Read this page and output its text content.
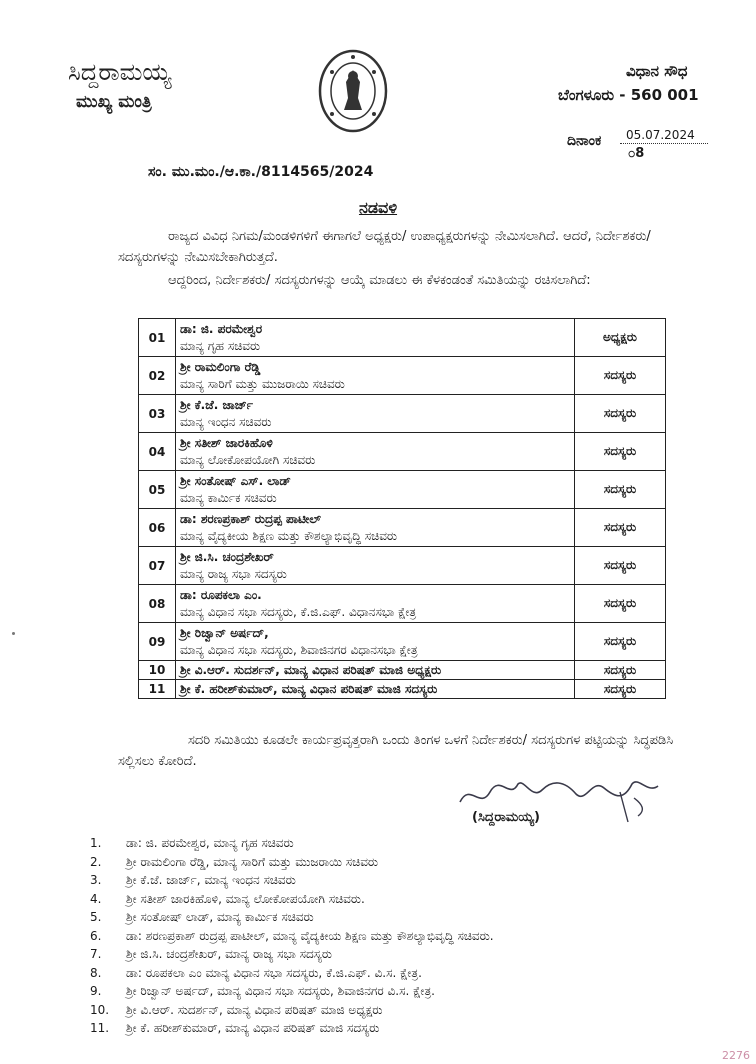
ಸಿದ್ದರಾಮಯ್ಯ
ಮುಖ್ಯ ಮಂತ್ರಿ
ವಿಧಾನ ಸೌಧ
ಬೆಂಗಳೂರು - 560 001
ದಿನಾಂಕ 05.07.2024
೦8
ಸಂ. ಮು.ಮಂ./ಆ.ಕಾ./8114565/2024
ನಡವಳಿ
ರಾಜ್ಯದ ವಿವಿಧ ನಿಗಮ/ಮಂಡಳಿಗಳಿಗೆ ಈಗಾಗಲೆ ಅಧ್ಯಕ್ಷರು/ ಉಪಾಧ್ಯಕ್ಷರುಗಳನ್ನು ನೇಮಿಸಲಾಗಿದೆ. ಆದರೆ, ನಿರ್ದೇಶಕರು/ ಸದಸ್ಯರುಗಳನ್ನು ನೇಮಿಸಬೇಕಾಗಿರುತ್ತದೆ.
ಆದ್ದರಿಂದ, ನಿರ್ದೇಶಕರು/ ಸದಸ್ಯರುಗಳನ್ನು ಆಯ್ಕೆ ಮಾಡಲು ಈ ಕೆಳಕಂಡಂತೆ ಸಮಿತಿಯನ್ನು ರಚಿಸಲಾಗಿದೆ:
01	ಡಾ: ಜಿ. ಪರಮೇಶ್ವರ
ಮಾನ್ಯ ಗೃಹ ಸಚಿವರು	ಅಧ್ಯಕ್ಷರು
02	ಶ್ರೀ ರಾಮಲಿಂಗಾ ರೆಡ್ಡಿ
ಮಾನ್ಯ ಸಾರಿಗೆ ಮತ್ತು ಮುಜರಾಯಿ ಸಚಿವರು	ಸದಸ್ಯರು
03	ಶ್ರೀ ಕೆ.ಜೆ. ಜಾರ್ಜ್
ಮಾನ್ಯ ಇಂಧನ ಸಚಿವರು	ಸದಸ್ಯರು
04	ಶ್ರೀ ಸತೀಶ್ ಜಾರಕಿಹೊಳಿ
ಮಾನ್ಯ ಲೋಕೋಪಯೋಗಿ ಸಚಿವರು	ಸದಸ್ಯರು
05	ಶ್ರೀ ಸಂತೋಷ್ ಎಸ್. ಲಾಡ್
ಮಾನ್ಯ ಕಾರ್ಮಿಕ ಸಚಿವರು	ಸದಸ್ಯರು
06	ಡಾ: ಶರಣಪ್ರಕಾಶ್ ರುದ್ರಪ್ಪ ಪಾಟೀಲ್
ಮಾನ್ಯ ವೈದ್ಯಕೀಯ ಶಿಕ್ಷಣ ಮತ್ತು ಕೌಶಲ್ಯಾಭಿವೃದ್ಧಿ ಸಚಿವರು	ಸದಸ್ಯರು
07	ಶ್ರೀ ಜಿ.ಸಿ. ಚಂದ್ರಶೇಖರ್
ಮಾನ್ಯ ರಾಜ್ಯ ಸಭಾ ಸದಸ್ಯರು	ಸದಸ್ಯರು
08	ಡಾ: ರೂಪಕಲಾ ಎಂ.
ಮಾನ್ಯ ವಿಧಾನ ಸಭಾ ಸದಸ್ಯರು, ಕೆ.ಜಿ.ಎಫ್. ವಿಧಾನಸಭಾ ಕ್ಷೇತ್ರ	ಸದಸ್ಯರು
09	ಶ್ರೀ ರಿಜ್ವಾನ್ ಅರ್ಷದ್,
ಮಾನ್ಯ ವಿಧಾನ ಸಭಾ ಸದಸ್ಯರು, ಶಿವಾಜಿನಗರ ವಿಧಾನಸಭಾ ಕ್ಷೇತ್ರ	ಸದಸ್ಯರು
10	ಶ್ರೀ ವಿ.ಆರ್. ಸುದರ್ಶನ್, ಮಾನ್ಯ ವಿಧಾನ ಪರಿಷತ್ ಮಾಜಿ ಅಧ್ಯಕ್ಷರು	ಸದಸ್ಯರು
11	ಶ್ರೀ ಕೆ. ಹರೀಶ್‌ಕುಮಾರ್, ಮಾನ್ಯ ವಿಧಾನ ಪರಿಷತ್ ಮಾಜಿ ಸದಸ್ಯರು	ಸದಸ್ಯರು
ಸದರಿ ಸಮಿತಿಯು ಕೂಡಲೇ ಕಾರ್ಯಪ್ರವೃತ್ತರಾಗಿ ಒಂದು ತಿಂಗಳ ಒಳಗೆ ನಿರ್ದೇಶಕರು/ ಸದಸ್ಯರುಗಳ ಪಟ್ಟಿಯನ್ನು ಸಿದ್ಧಪಡಿಸಿ ಸಲ್ಲಿಸಲು ಕೋರಿದೆ.
(ಸಿದ್ದರಾಮಯ್ಯ)
1. ಡಾ: ಜಿ. ಪರಮೇಶ್ವರ, ಮಾನ್ಯ ಗೃಹ ಸಚಿವರು
2. ಶ್ರೀ ರಾಮಲಿಂಗಾ ರೆಡ್ಡಿ, ಮಾನ್ಯ ಸಾರಿಗೆ ಮತ್ತು ಮುಜರಾಯಿ ಸಚಿವರು
3. ಶ್ರೀ ಕೆ.ಜೆ. ಜಾರ್ಜ್, ಮಾನ್ಯ ಇಂಧನ ಸಚಿವರು
4. ಶ್ರೀ ಸತೀಶ್ ಜಾರಕಿಹೊಳಿ, ಮಾನ್ಯ ಲೋಕೋಪಯೋಗಿ ಸಚಿವರು.
5. ಶ್ರೀ ಸಂತೋಷ್ ಲಾಡ್, ಮಾನ್ಯ ಕಾರ್ಮಿಕ ಸಚಿವರು
6. ಡಾ: ಶರಣಪ್ರಕಾಶ್ ರುದ್ರಪ್ಪ ಪಾಟೀಲ್, ಮಾನ್ಯ ವೈದ್ಯಕೀಯ ಶಿಕ್ಷಣ ಮತ್ತು ಕೌಶಲ್ಯಾಭಿವೃದ್ಧಿ ಸಚಿವರು.
7. ಶ್ರೀ ಜಿ.ಸಿ. ಚಂದ್ರಶೇಖರ್, ಮಾನ್ಯ ರಾಜ್ಯ ಸಭಾ ಸದಸ್ಯರು
8. ಡಾ: ರೂಪಕಲಾ ಎಂ ಮಾನ್ಯ ವಿಧಾನ ಸಭಾ ಸದಸ್ಯರು, ಕೆ.ಜಿ.ಎಫ್. ವಿ.ಸ. ಕ್ಷೇತ್ರ.
9. ಶ್ರೀ ರಿಜ್ವಾನ್ ಅರ್ಷದ್, ಮಾನ್ಯ ವಿಧಾನ ಸಭಾ ಸದಸ್ಯರು, ಶಿವಾಜಿನಗರ ವಿ.ಸ. ಕ್ಷೇತ್ರ.
10. ಶ್ರೀ ವಿ.ಆರ್. ಸುದರ್ಶನ್, ಮಾನ್ಯ ವಿಧಾನ ಪರಿಷತ್ ಮಾಜಿ ಅಧ್ಯಕ್ಷರು
11. ಶ್ರೀ ಕೆ. ಹರೀಶ್‌ಕುಮಾರ್, ಮಾನ್ಯ ವಿಧಾನ ಪರಿಷತ್ ಮಾಜಿ ಸದಸ್ಯರು
2276
